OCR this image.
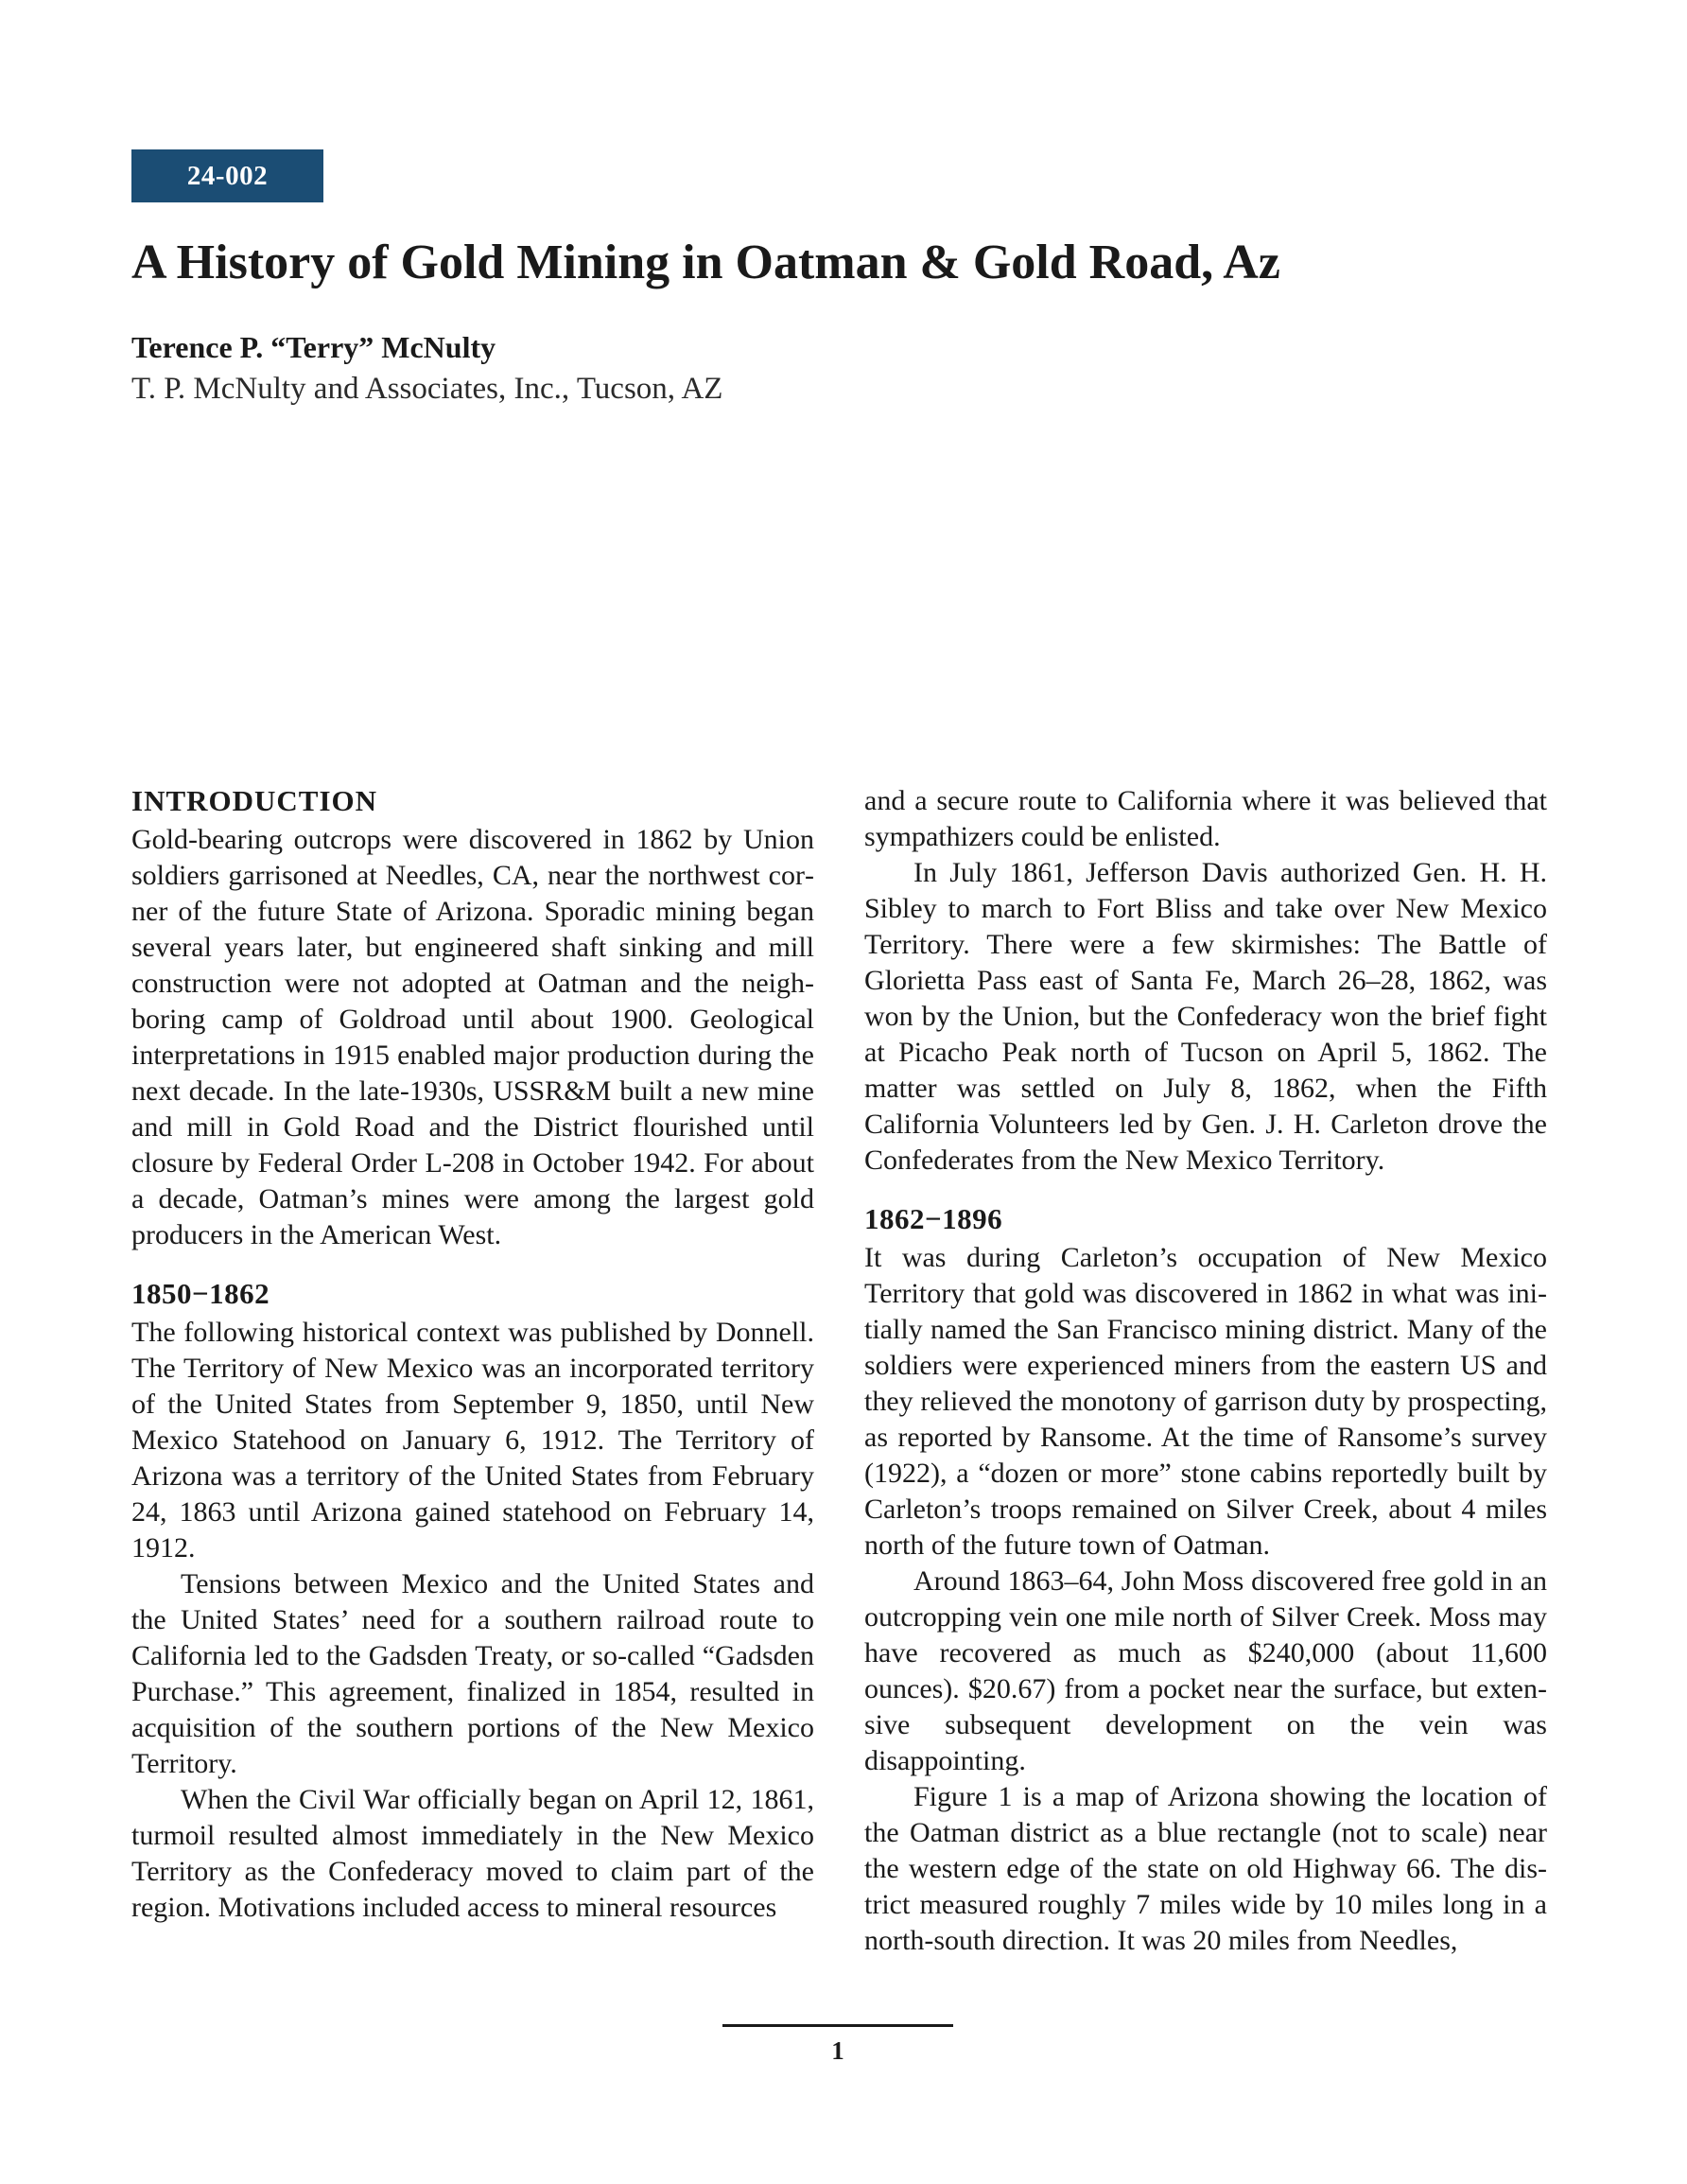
24-002
A History of Gold Mining in Oatman & Gold Road, Az
Terence P. “Terry” McNulty
T. P. McNulty and Associates, Inc., Tucson, AZ
INTRODUCTION

Gold-bearing outcrops were discovered in 1862 by Union soldiers garrisoned at Needles, CA, near the northwest corner of the future State of Arizona. Sporadic mining began several years later, but engineered shaft sinking and mill construction were not adopted at Oatman and the neighboring camp of Goldroad until about 1900. Geological interpretations in 1915 enabled major production during the next decade. In the late-1930s, USSR&M built a new mine and mill in Gold Road and the District flourished until closure by Federal Order L-208 in October 1942. For about a decade, Oatman’s mines were among the largest gold producers in the American West.

1850−1862

The following historical context was published by Donnell. The Territory of New Mexico was an incorporated territory of the United States from September 9, 1850, until New Mexico Statehood on January 6, 1912. The Territory of Arizona was a territory of the United States from February 24, 1863 until Arizona gained statehood on February 14, 1912.

Tensions between Mexico and the United States and the United States’ need for a southern railroad route to California led to the Gadsden Treaty, or so-called “Gadsden Purchase.” This agreement, finalized in 1854, resulted in acquisition of the southern portions of the New Mexico Territory.

When the Civil War officially began on April 12, 1861, turmoil resulted almost immediately in the New Mexico Territory as the Confederacy moved to claim part of the region. Motivations included access to mineral resources

and a secure route to California where it was believed that sympathizers could be enlisted.

In July 1861, Jefferson Davis authorized Gen. H. H. Sibley to march to Fort Bliss and take over New Mexico Territory. There were a few skirmishes: The Battle of Glorietta Pass east of Santa Fe, March 26–28, 1862, was won by the Union, but the Confederacy won the brief fight at Picacho Peak north of Tucson on April 5, 1862. The matter was settled on July 8, 1862, when the Fifth California Volunteers led by Gen. J. H. Carleton drove the Confederates from the New Mexico Territory.

1862−1896

It was during Carleton’s occupation of New Mexico Territory that gold was discovered in 1862 in what was initially named the San Francisco mining district. Many of the soldiers were experienced miners from the eastern US and they relieved the monotony of garrison duty by prospecting, as reported by Ransome. At the time of Ransome’s survey (1922), a “dozen or more” stone cabins reportedly built by Carleton’s troops remained on Silver Creek, about 4 miles north of the future town of Oatman.

Around 1863–64, John Moss discovered free gold in an outcropping vein one mile north of Silver Creek. Moss may have recovered as much as $240,000 (about 11,600 ounces). $20.67) from a pocket near the surface, but extensive subsequent development on the vein was disappointing.

Figure 1 is a map of Arizona showing the location of the Oatman district as a blue rectangle (not to scale) near the western edge of the state on old Highway 66. The district measured roughly 7 miles wide by 10 miles long in a north-south direction. It was 20 miles from Needles,

1
